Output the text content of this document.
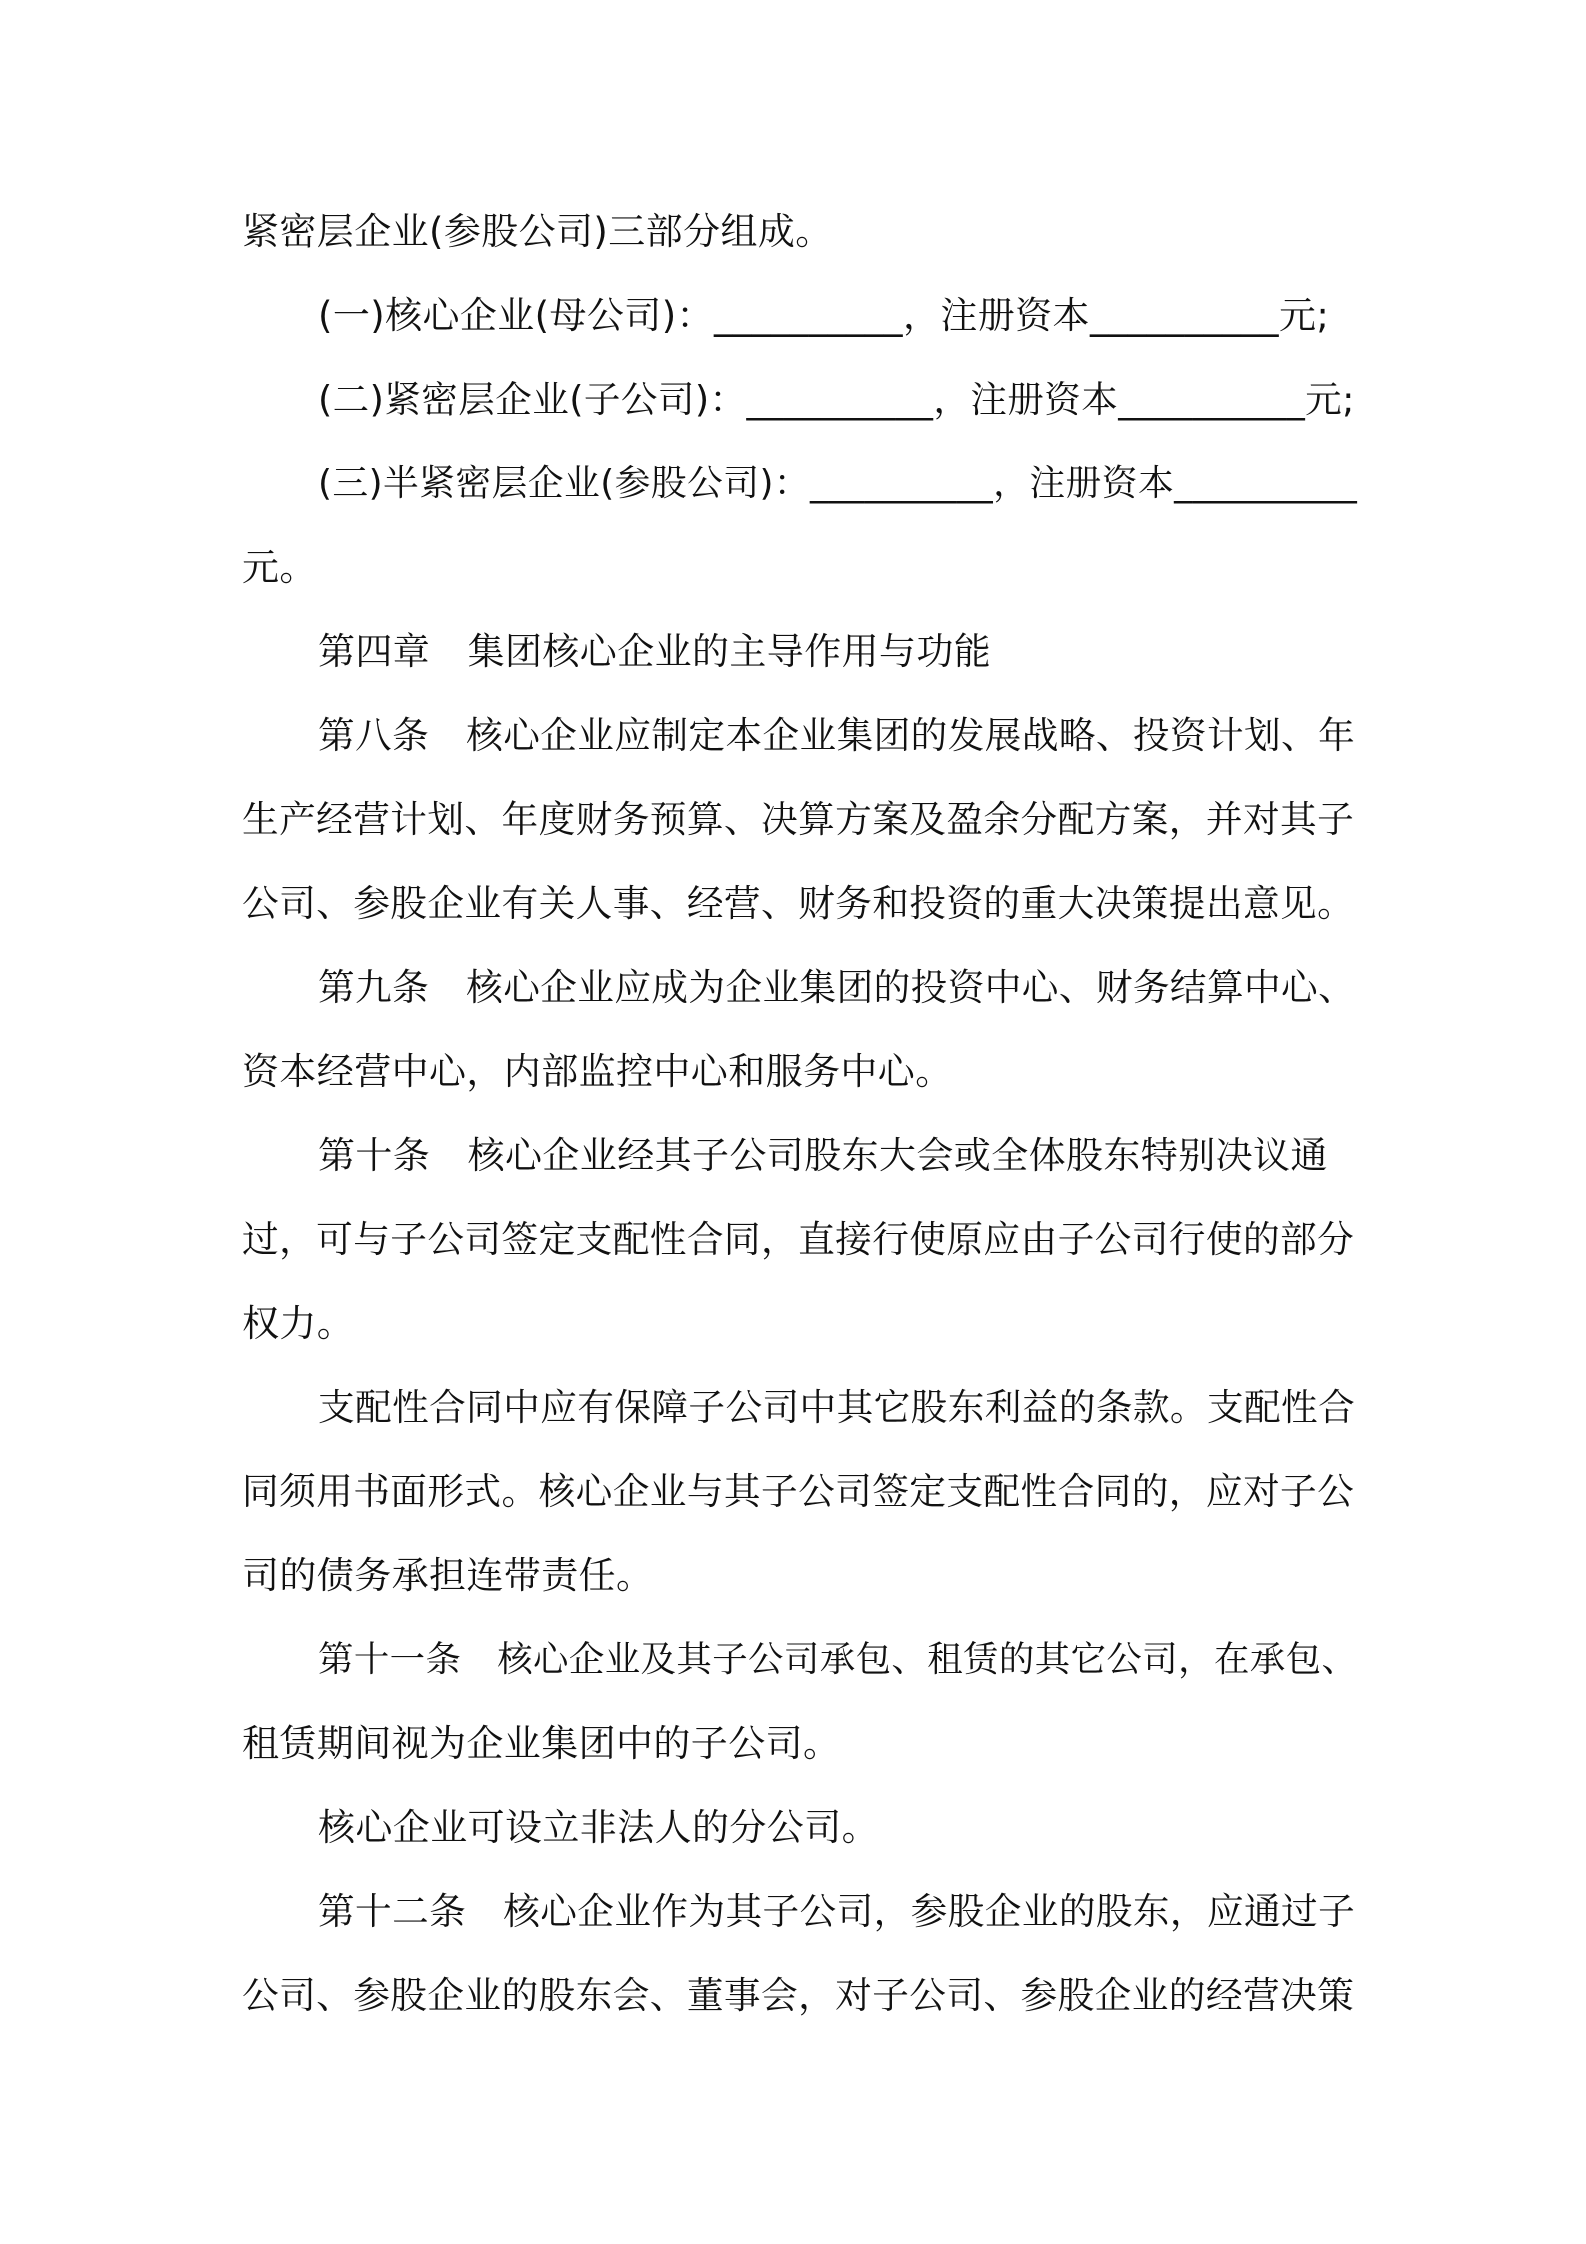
紧密层企业(参股公司)三部分组成。
(一)核心企业(母公司)：__________，注册资本__________元;
(二)紧密层企业(子公司)：__________，注册资本__________元;
(三)半紧密层企业(参股公司)：__________，注册资本__________
元。
第四章　集团核心企业的主导作用与功能
第八条　核心企业应制定本企业集团的发展战略、投资计划、年
生产经营计划、年度财务预算、决算方案及盈余分配方案，并对其子
公司、参股企业有关人事、经营、财务和投资的重大决策提出意见。
第九条　核心企业应成为企业集团的投资中心、财务结算中心、
资本经营中心，内部监控中心和服务中心。
第十条　核心企业经其子公司股东大会或全体股东特别决议通
过，可与子公司签定支配性合同，直接行使原应由子公司行使的部分
权力。
支配性合同中应有保障子公司中其它股东利益的条款。支配性合
同须用书面形式。核心企业与其子公司签定支配性合同的，应对子公
司的债务承担连带责任。
第十一条　核心企业及其子公司承包、租赁的其它公司，在承包、
租赁期间视为企业集团中的子公司。
核心企业可设立非法人的分公司。
第十二条　核心企业作为其子公司，参股企业的股东，应通过子
公司、参股企业的股东会、董事会，对子公司、参股企业的经营决策
